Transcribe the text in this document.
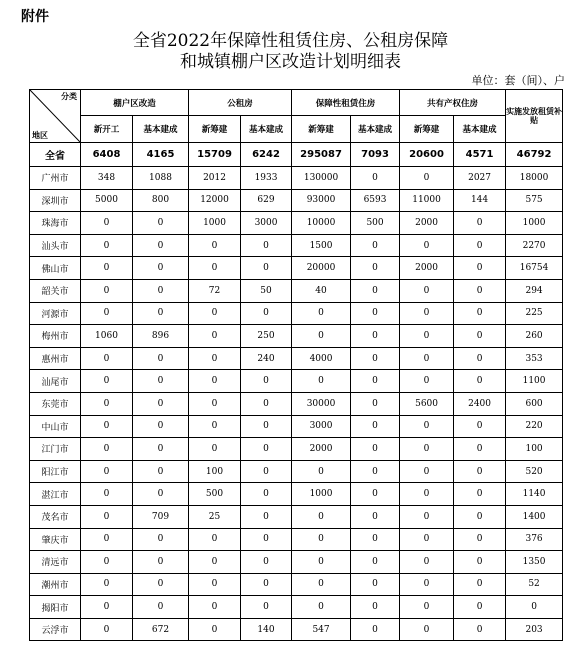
附件
全省2022年保障性租赁住房、公租房保障
和城镇棚户区改造计划明细表
单位：套（间）、户
分类
地区	棚户区改造		公租房		保障性租赁住房		共有产权住房		实施发放租赁补贴
	新开工	基本建成	新筹建	基本建成	新筹建	基本建成	新筹建	基本建成	
全省	6408	4165	15709	6242	295087	7093	20600	4571	46792
广州市	348	1088	2012	1933	130000	0	0	2027	18000
深圳市	5000	800	12000	629	93000	6593	11000	144	575
珠海市	0	0	1000	3000	10000	500	2000	0	1000
汕头市	0	0	0	0	1500	0	0	0	2270
佛山市	0	0	0	0	20000	0	2000	0	16754
韶关市	0	0	72	50	40	0	0	0	294
河源市	0	0	0	0	0	0	0	0	225
梅州市	1060	896	0	250	0	0	0	0	260
惠州市	0	0	0	240	4000	0	0	0	353
汕尾市	0	0	0	0	0	0	0	0	1100
东莞市	0	0	0	0	30000	0	5600	2400	600
中山市	0	0	0	0	3000	0	0	0	220
江门市	0	0	0	0	2000	0	0	0	100
阳江市	0	0	100	0	0	0	0	0	520
湛江市	0	0	500	0	1000	0	0	0	1140
茂名市	0	709	25	0	0	0	0	0	1400
肇庆市	0	0	0	0	0	0	0	0	376
清远市	0	0	0	0	0	0	0	0	1350
潮州市	0	0	0	0	0	0	0	0	52
揭阳市	0	0	0	0	0	0	0	0	0
云浮市	0	672	0	140	547	0	0	0	203
